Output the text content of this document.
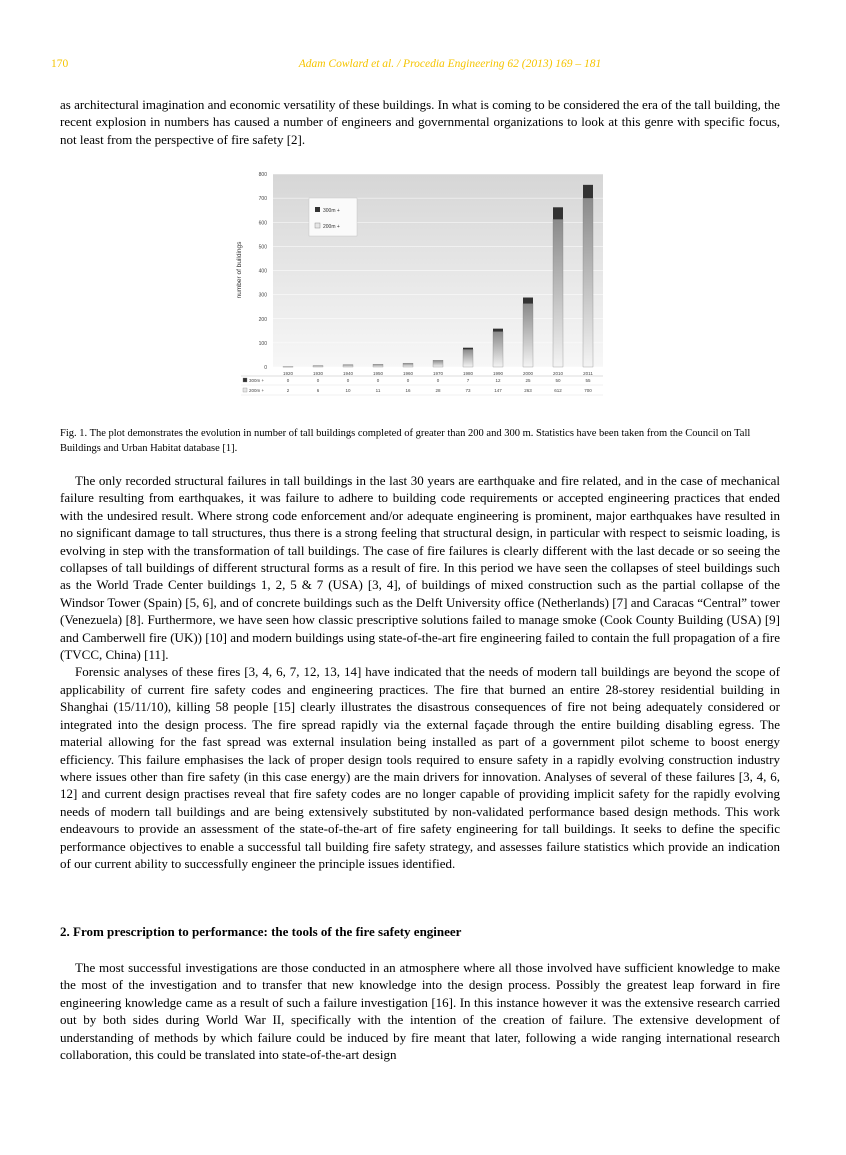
170	Adam Cowlard et al. / Procedia Engineering 62 (2013) 169 – 181

as architectural imagination and economic versatility of these buildings. In what is coming to be considered the era of the tall building, the recent explosion in numbers has caused a number of engineers and governmental organizations to look at this genre with specific focus, not least from the perspective of fire safety [2].

0
100
200
300
400
500
600
700
800
number of buildings
1920	1930	1940	1950	1960	1970	1980	1990	2000	2010	2011
300m +	0	0	0	0	0	0	7	12	25	50	55
200m +	2	6	10	11	16	28	73	147	263	612	700
300m +
200m +
Fig. 1. The plot demonstrates the evolution in number of tall buildings completed of greater than 200 and 300 m. Statistics have been taken from the Council on Tall Buildings and Urban Habitat database [1].

The only recorded structural failures in tall buildings in the last 30 years are earthquake and fire related, and in the case of mechanical failure resulting from earthquakes, it was failure to adhere to building code requirements or accepted engineering practices that ended with the undesired result. Where strong code enforcement and/or adequate engineering is prominent, major earthquakes have resulted in no significant damage to tall structures, thus there is a strong feeling that structural design, in particular with respect to seismic loading, is evolving in step with the transformation of tall buildings. The case of fire failures is clearly different with the last decade or so seeing the collapses of tall buildings of different structural forms as a result of fire. In this period we have seen the collapses of steel buildings such as the World Trade Center buildings 1, 2, 5 & 7 (USA) [3, 4], of buildings of mixed construction such as the partial collapse of the Windsor Tower (Spain) [5, 6], and of concrete buildings such as the Delft University office (Netherlands) [7] and Caracas “Central” tower (Venezuela) [8]. Furthermore, we have seen how classic prescriptive solutions failed to manage smoke (Cook County Building (USA) [9] and Camberwell fire (UK)) [10] and modern buildings using state-of-the-art fire engineering failed to contain the full propagation of a fire (TVCC, China) [11].

Forensic analyses of these fires [3, 4, 6, 7, 12, 13, 14] have indicated that the needs of modern tall buildings are beyond the scope of applicability of current fire safety codes and engineering practices. The fire that burned an entire 28-storey residential building in Shanghai (15/11/10), killing 58 people [15] clearly illustrates the disastrous consequences of fire not being adequately considered or integrated into the design process. The fire spread rapidly via the external façade through the entire building disabling egress. The material allowing for the fast spread was external insulation being installed as part of a government pilot scheme to boost energy efficiency. This failure emphasises the lack of proper design tools required to ensure safety in a rapidly evolving construction industry where issues other than fire safety (in this case energy) are the main drivers for innovation. Analyses of several of these failures [3, 4, 6, 12] and current design practises reveal that fire safety codes are no longer capable of providing implicit safety for the rapidly evolving needs of modern tall buildings and are being extensively substituted by non-validated performance based design methods. This work endeavours to provide an assessment of the state-of-the-art of fire safety engineering for tall buildings. It seeks to define the specific performance objectives to enable a successful tall building fire safety strategy, and assesses failure statistics which provide an indication of our current ability to successfully engineer the principle issues identified.

2. From prescription to performance: the tools of the fire safety engineer

The most successful investigations are those conducted in an atmosphere where all those involved have sufficient knowledge to make the most of the investigation and to transfer that new knowledge into the design process. Possibly the greatest leap forward in fire engineering knowledge came as a result of such a failure investigation [16]. In this instance however it was the extensive research carried out by both sides during World War II, specifically with the intention of the creation of failure. The extensive development of understanding of methods by which failure could be induced by fire meant that later, following a wide ranging international research collaboration, this could be translated into state-of-the-art design
